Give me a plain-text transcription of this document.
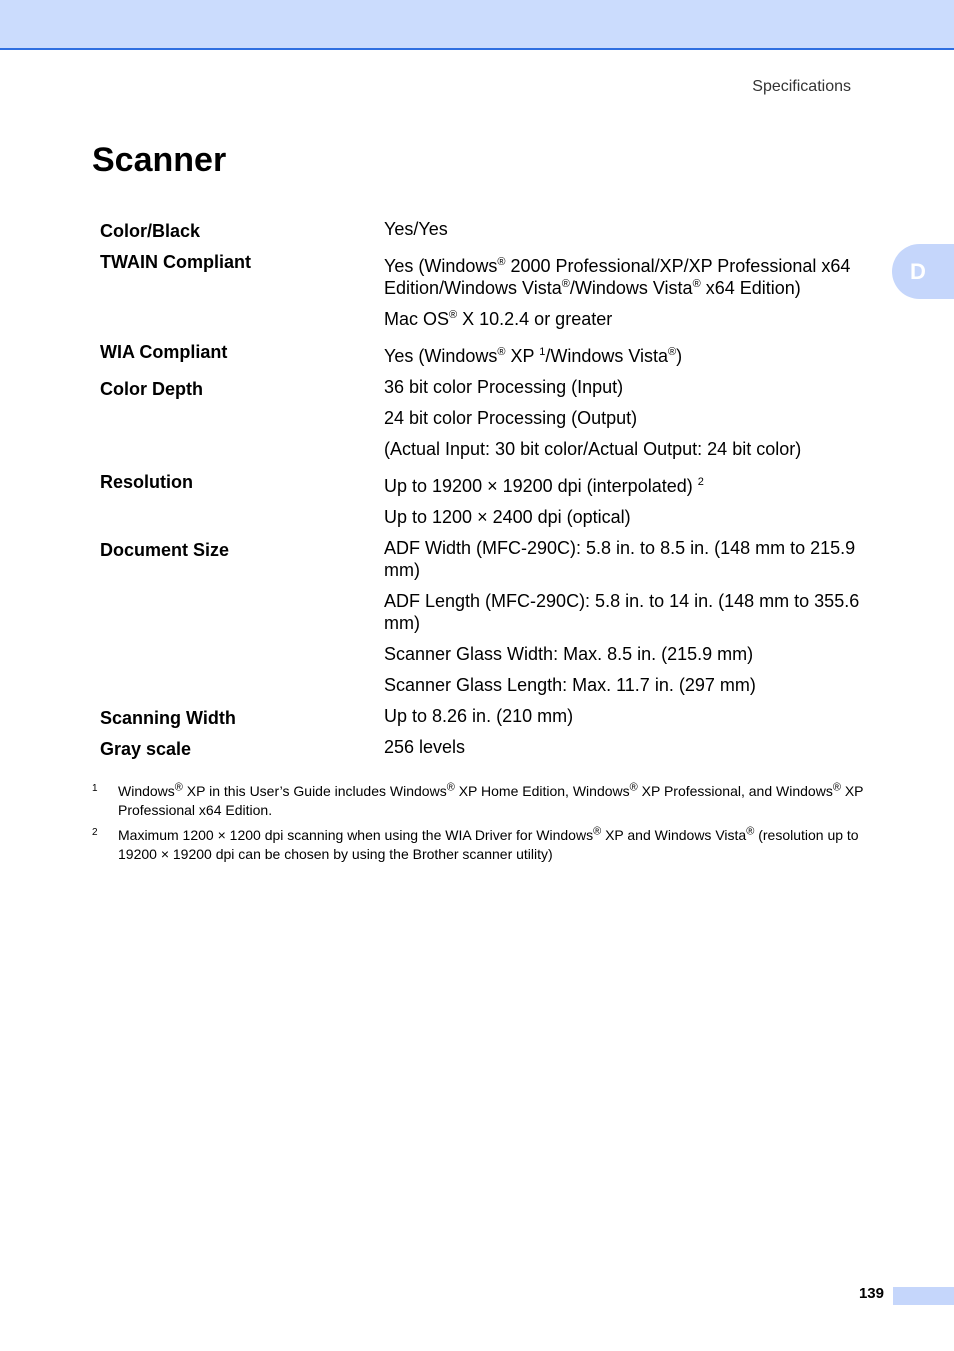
Specifications
D
Scanner
Color/Black	Yes/Yes

TWAIN Compliant	Yes (Windows® 2000 Professional/XP/XP Professional x64 Edition/Windows Vista®/Windows Vista® x64 Edition)
Mac OS® X 10.2.4 or greater

WIA Compliant	Yes (Windows® XP $^1$/Windows Vista®)

Color Depth	36 bit color Processing (Input)
24 bit color Processing (Output)
(Actual Input: 30 bit color/Actual Output: 24 bit color)

Resolution	Up to 19200 × 19200 dpi (interpolated) $^2$
Up to 1200 × 2400 dpi (optical)

Document Size	ADF Width (MFC-290C): 5.8 in. to 8.5 in. (148 mm to 215.9 mm)
ADF Length (MFC-290C): 5.8 in. to 14 in. (148 mm to 355.6 mm)
Scanner Glass Width: Max. 8.5 in. (215.9 mm)
Scanner Glass Length: Max. 11.7 in. (297 mm)

Scanning Width	Up to 8.26 in. (210 mm)

Gray scale	256 levels
1	Windows® XP in this User’s Guide includes Windows® XP Home Edition, Windows® XP Professional, and Windows® XP Professional x64 Edition.
2	Maximum 1200 × 1200 dpi scanning when using the WIA Driver for Windows® XP and Windows Vista® (resolution up to 19200 × 19200 dpi can be chosen by using the Brother scanner utility)
139
